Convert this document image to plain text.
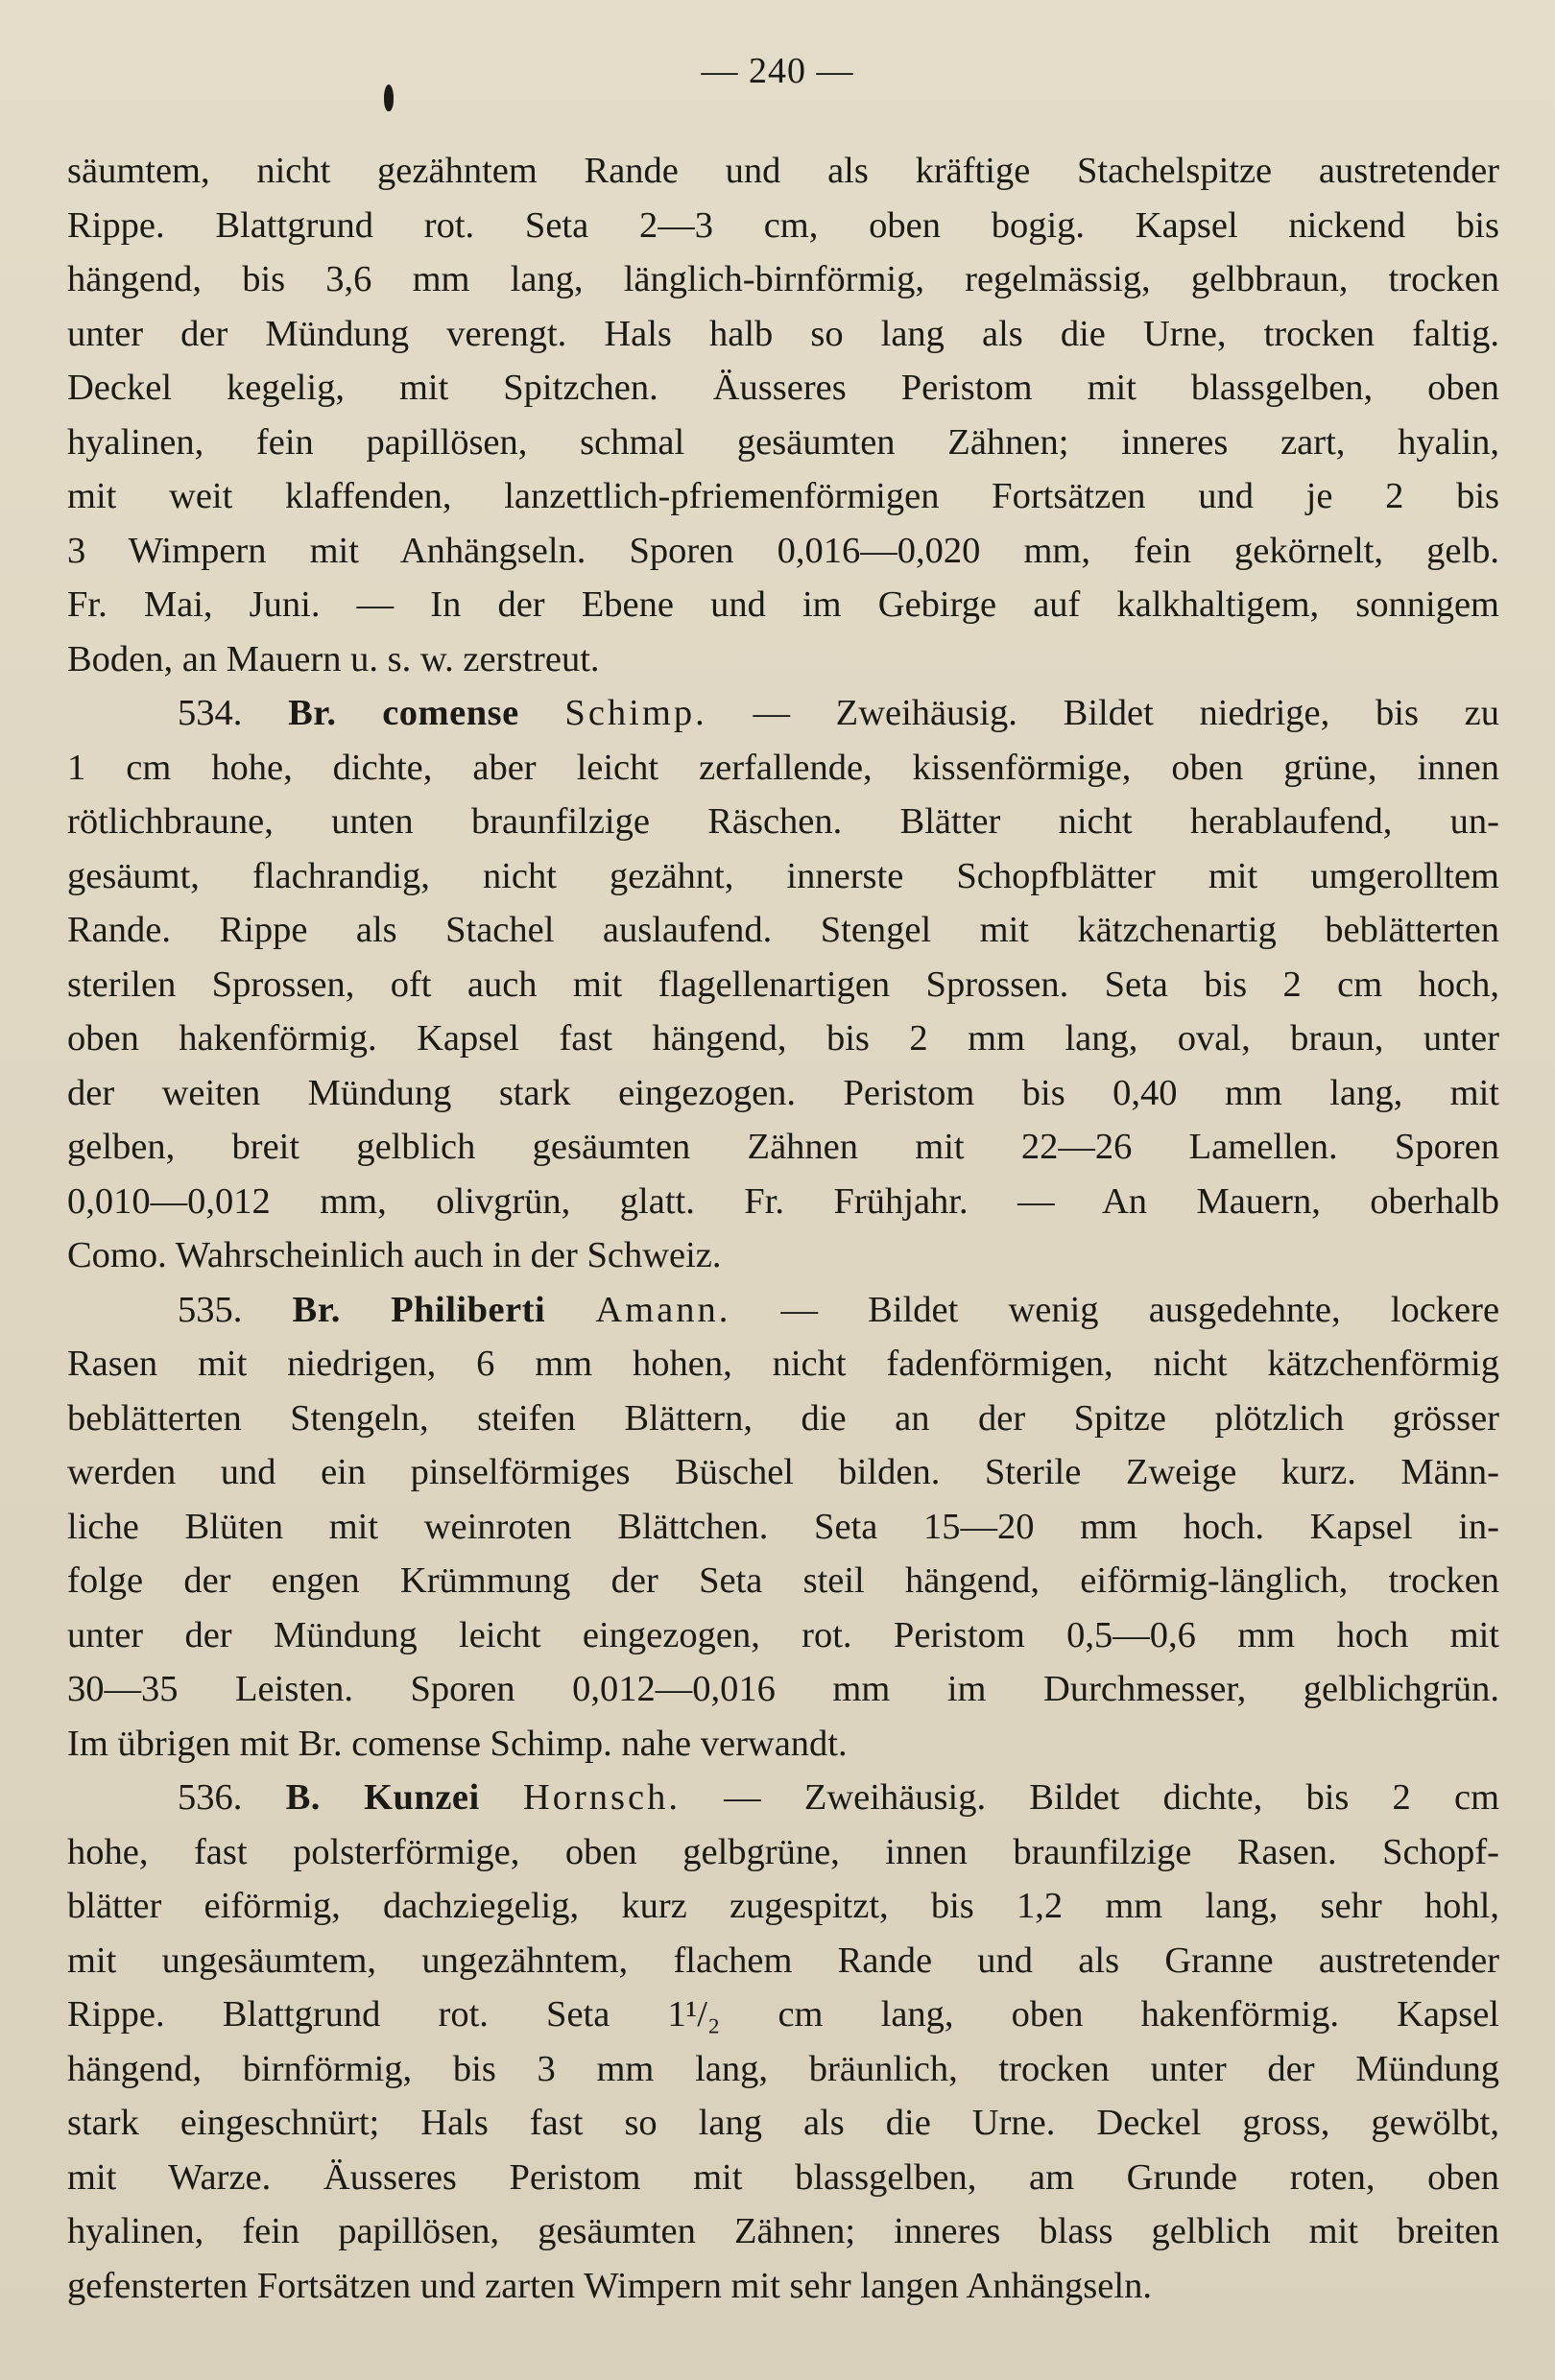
— 240 —
säumtem, nicht gezähntem Rande und als kräftige Stachelspitze austretender
Rippe. Blattgrund rot. Seta 2—3 cm, oben bogig. Kapsel nickend bis
hängend, bis 3,6 mm lang, länglich-birnförmig, regelmässig, gelbbraun, trocken
unter der Mündung verengt. Hals halb so lang als die Urne, trocken faltig.
Deckel kegelig, mit Spitzchen. Äusseres Peristom mit blassgelben, oben
hyalinen, fein papillösen, schmal gesäumten Zähnen; inneres zart, hyalin,
mit weit klaffenden, lanzettlich-pfriemenförmigen Fortsätzen und je 2 bis
3 Wimpern mit Anhängseln. Sporen 0,016—0,020 mm, fein gekörnelt, gelb.
Fr. Mai, Juni. — In der Ebene und im Gebirge auf kalkhaltigem, sonnigem
Boden, an Mauern u. s. w. zerstreut.
534. Br. comense Schimp. — Zweihäusig. Bildet niedrige, bis zu
1 cm hohe, dichte, aber leicht zerfallende, kissenförmige, oben grüne, innen
rötlichbraune, unten braunfilzige Räschen. Blätter nicht herablaufend, un-
gesäumt, flachrandig, nicht gezähnt, innerste Schopfblätter mit umgerolltem
Rande. Rippe als Stachel auslaufend. Stengel mit kätzchenartig beblätterten
sterilen Sprossen, oft auch mit flagellenartigen Sprossen. Seta bis 2 cm hoch,
oben hakenförmig. Kapsel fast hängend, bis 2 mm lang, oval, braun, unter
der weiten Mündung stark eingezogen. Peristom bis 0,40 mm lang, mit
gelben, breit gelblich gesäumten Zähnen mit 22—26 Lamellen. Sporen
0,010—0,012 mm, olivgrün, glatt. Fr. Frühjahr. — An Mauern, oberhalb
Como. Wahrscheinlich auch in der Schweiz.
535. Br. Philiberti Amann. — Bildet wenig ausgedehnte, lockere
Rasen mit niedrigen, 6 mm hohen, nicht fadenförmigen, nicht kätzchenförmig
beblätterten Stengeln, steifen Blättern, die an der Spitze plötzlich grösser
werden und ein pinselförmiges Büschel bilden. Sterile Zweige kurz. Männ-
liche Blüten mit weinroten Blättchen. Seta 15—20 mm hoch. Kapsel in-
folge der engen Krümmung der Seta steil hängend, eiförmig-länglich, trocken
unter der Mündung leicht eingezogen, rot. Peristom 0,5—0,6 mm hoch mit
30—35 Leisten. Sporen 0,012—0,016 mm im Durchmesser, gelblichgrün.
Im übrigen mit Br. comense Schimp. nahe verwandt.
536. B. Kunzei Hornsch. — Zweihäusig. Bildet dichte, bis 2 cm
hohe, fast polsterförmige, oben gelbgrüne, innen braunfilzige Rasen. Schopf-
blätter eiförmig, dachziegelig, kurz zugespitzt, bis 1,2 mm lang, sehr hohl,
mit ungesäumtem, ungezähntem, flachem Rande und als Granne austretender
Rippe. Blattgrund rot. Seta 1¹/₂ cm lang, oben hakenförmig. Kapsel
hängend, birnförmig, bis 3 mm lang, bräunlich, trocken unter der Mündung
stark eingeschnürt; Hals fast so lang als die Urne. Deckel gross, gewölbt,
mit Warze. Äusseres Peristom mit blassgelben, am Grunde roten, oben
hyalinen, fein papillösen, gesäumten Zähnen; inneres blass gelblich mit breiten
gefensterten Fortsätzen und zarten Wimpern mit sehr langen Anhängseln.
